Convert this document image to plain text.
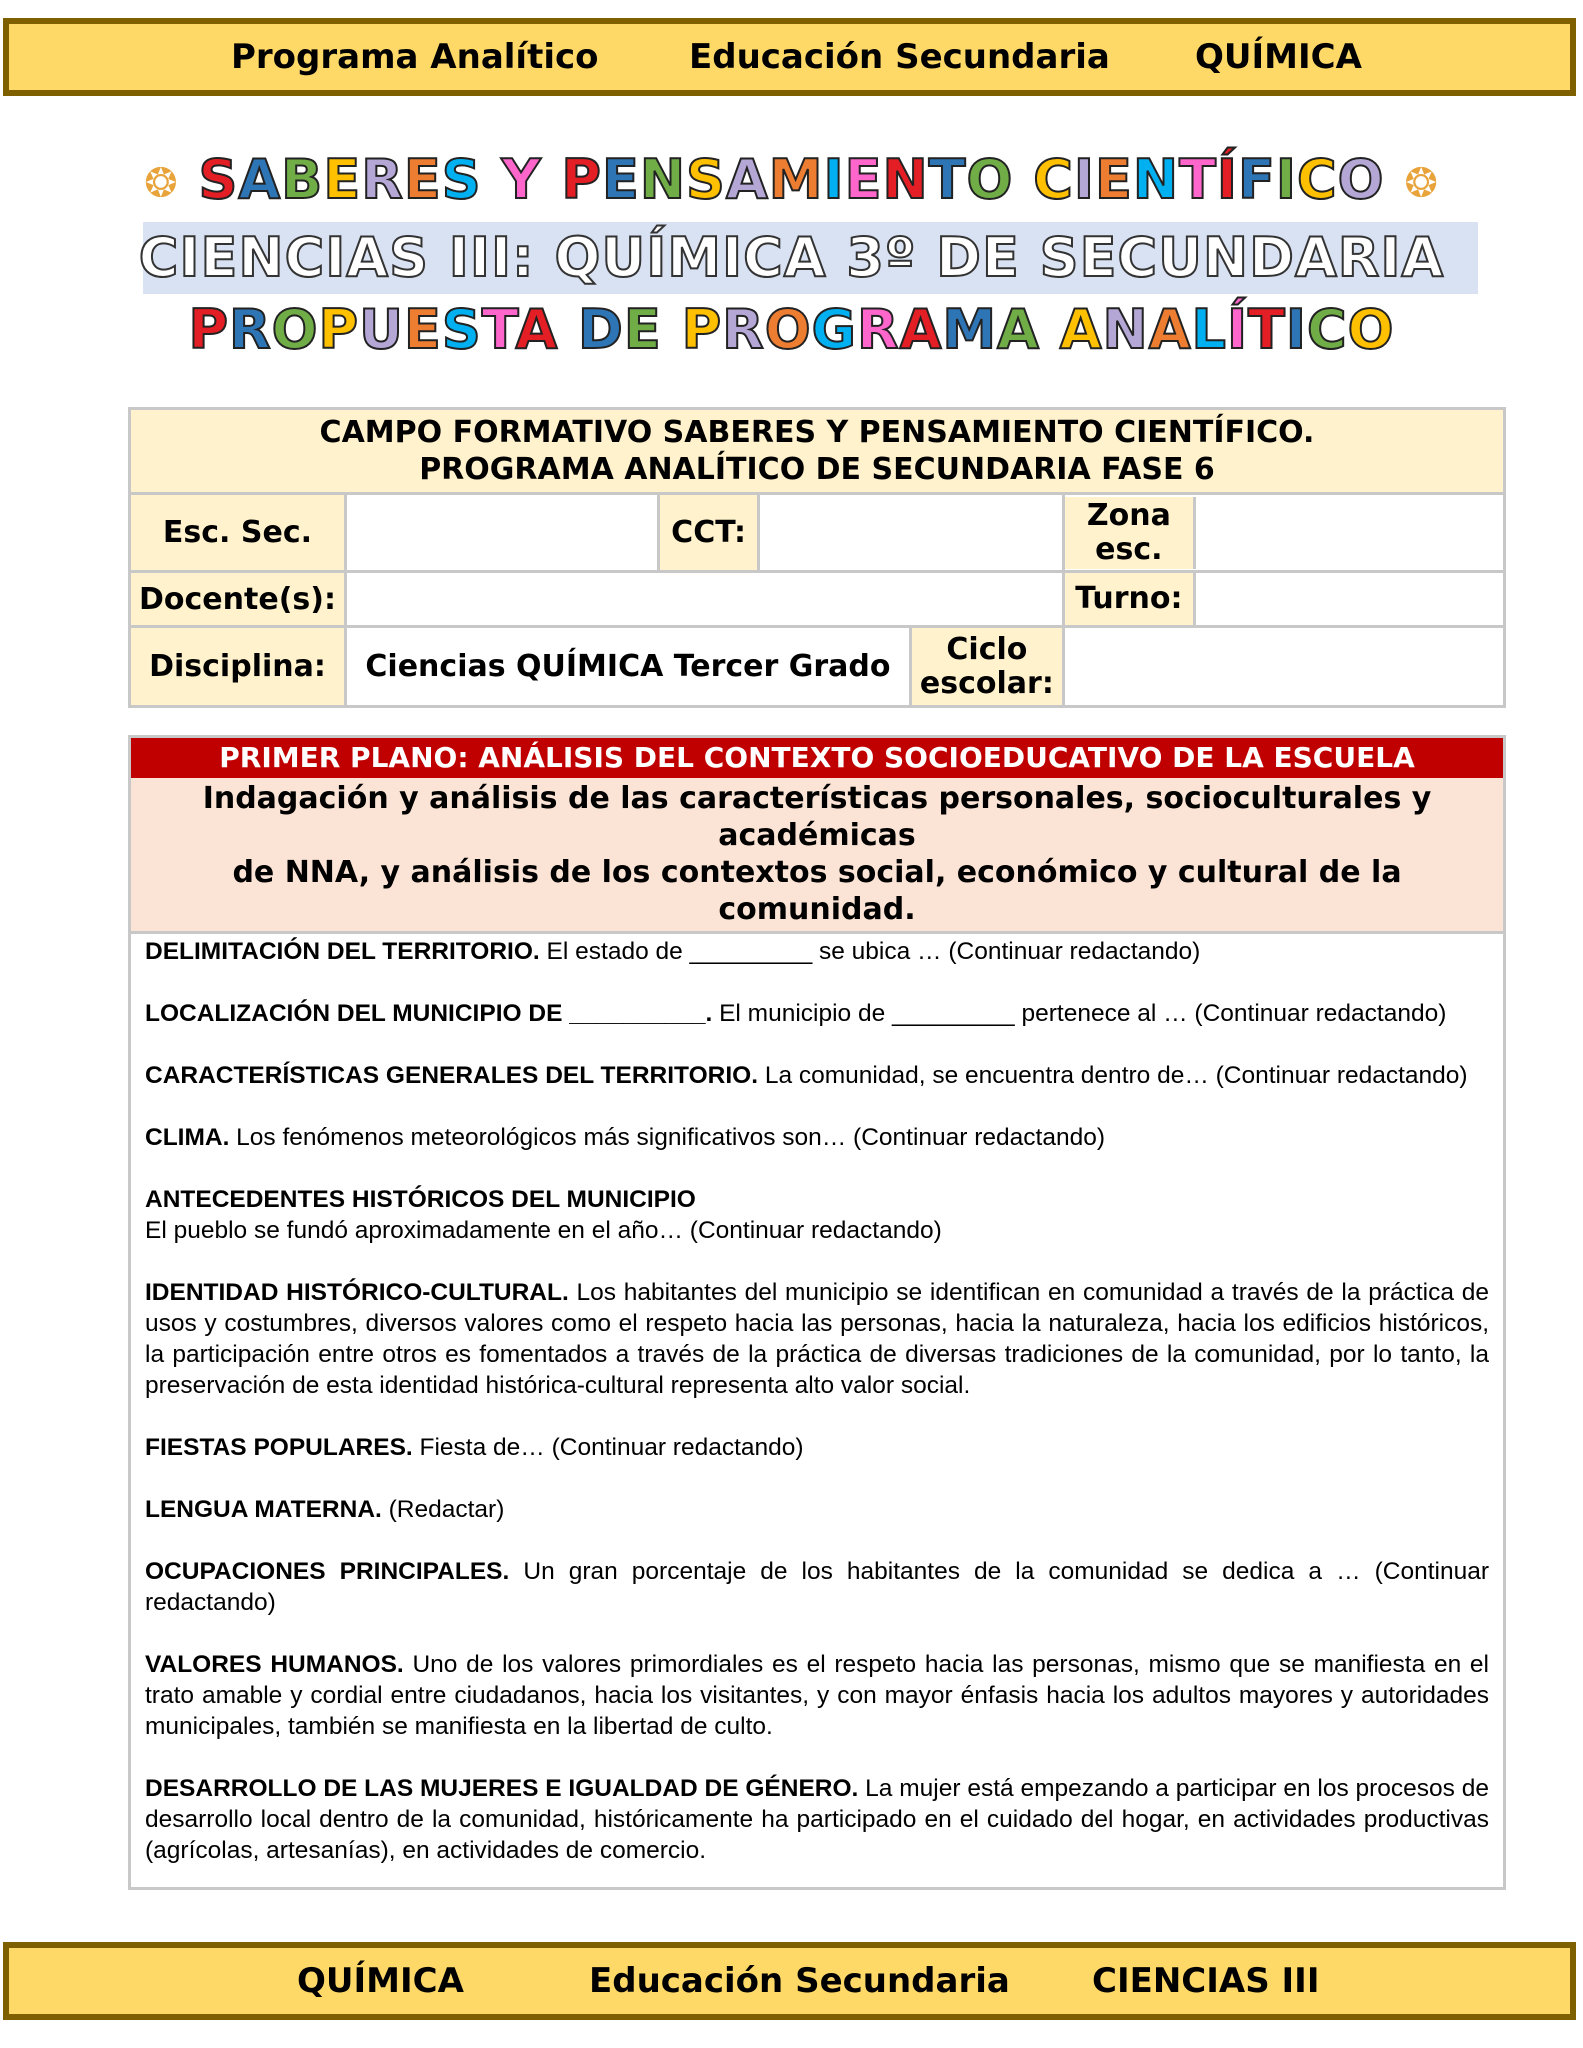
Programa Analítico	Educación Secundaria	QUÍMICA
❂ SABERES Y PENSAMIENTO CIENTÍFICO ❂
CIENCIAS III: QUÍMICA 3º DE SECUNDARIA
PROPUESTA DE PROGRAMA ANALÍTICO
CAMPO FORMATIVO SABERES Y PENSAMIENTO CIENTÍFICO.
PROGRAMA ANALÍTICO DE SECUNDARIA FASE 6					

Esc. Sec.		CCT:			Zona
esc.

Docente(s):					Turno:

Disciplina:	Ciencias QUÍMICA Tercer Grado			Ciclo
escolar:	

PRIMER PLANO: ANÁLISIS DEL CONTEXTO SOCIOEDUCATIVO DE LA ESCUELA
Indagación y análisis de las características personales, socioculturales y académicas
de NNA, y análisis de los contextos social, económico y cultural de la comunidad.

DELIMITACIÓN DEL TERRITORIO. El estado de _________ se ubica … (Continuar redactando)

LOCALIZACIÓN DEL MUNICIPIO DE __________. El municipio de _________ pertenece al … (Continuar redactando)

CARACTERÍSTICAS GENERALES DEL TERRITORIO. La comunidad, se encuentra dentro de… (Continuar redactando)

CLIMA. Los fenómenos meteorológicos más significativos son… (Continuar redactando)

ANTECEDENTES HISTÓRICOS DEL MUNICIPIO
El pueblo se fundó aproximadamente en el año… (Continuar redactando)

IDENTIDAD HISTÓRICO-CULTURAL. Los habitantes del municipio se identifican en comunidad a través de la práctica de usos y costumbres, diversos valores como el respeto hacia las personas, hacia la naturaleza, hacia los edificios históricos, la participación entre otros es fomentados a través de la práctica de diversas tradiciones de la comunidad, por lo tanto, la preservación de esta identidad histórica-cultural representa alto valor social.

FIESTAS POPULARES. Fiesta de… (Continuar redactando)

LENGUA MATERNA. (Redactar)

OCUPACIONES PRINCIPALES. Un gran porcentaje de los habitantes de la comunidad se dedica a … (Continuar redactando)

VALORES HUMANOS. Uno de los valores primordiales es el respeto hacia las personas, mismo que se manifiesta en el trato amable y cordial entre ciudadanos, hacia los visitantes, y con mayor énfasis hacia los adultos mayores y autoridades municipales, también se manifiesta en la libertad de culto.

DESARROLLO DE LAS MUJERES E IGUALDAD DE GÉNERO. La mujer está empezando a participar en los procesos de desarrollo local dentro de la comunidad, históricamente ha participado en el cuidado del hogar, en actividades productivas (agrícolas, artesanías), en actividades de comercio.

QUÍMICA	Educación Secundaria CIENCIAS III
